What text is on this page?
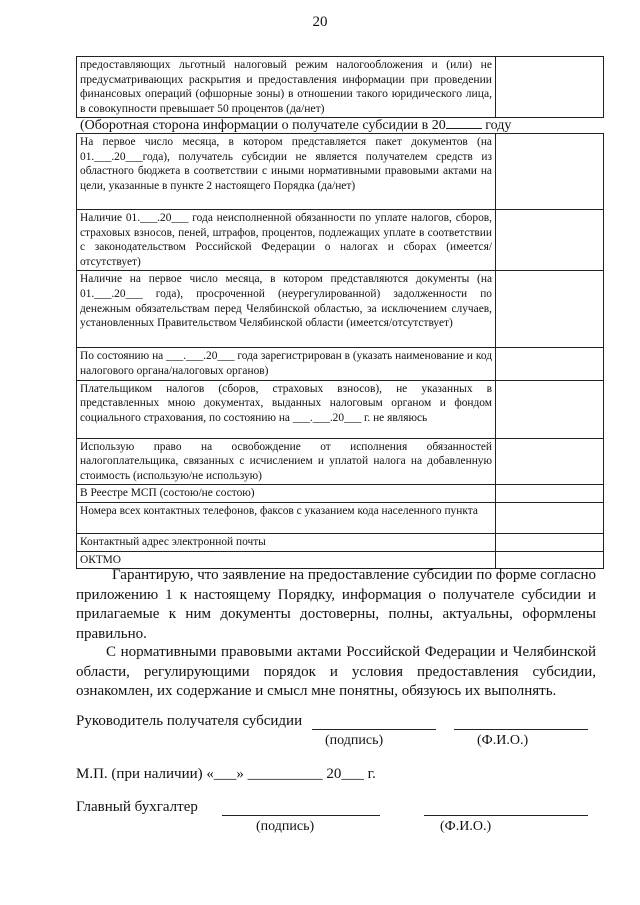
20
предоставляющих льготный налоговый режим налогообложения и (или) не предусматривающих раскрытия и предоставления информации при проведении финансовых операций (офшорные зоны) в отношении такого юридического лица, в совокупности превышает 50 процентов (да/нет)	
(Оборотная сторона информации о получателе субсидии в 20	году
На первое число месяца, в котором представляется пакет документов (на 01.___.20___года), получатель субсидии не является получателем средств из областного бюджета в соответствии с иными нормативными правовыми актами на цели, указанные в пункте 2 настоящего Порядка (да/нет)	
Наличие 01.___.20___ года неисполненной обязанности по уплате налогов, сборов, страховых взносов, пеней, штрафов, процентов, подлежащих уплате в соответствии с законодательством Российской Федерации о налогах и сборах (имеется/отсутствует)	
Наличие на первое число месяца, в котором представляются документы (на 01.___.20___ года), просроченной (неурегулированной) задолженности по денежным обязательствам перед Челябинской областью, за исключением случаев, установленных Правительством Челябинской области (имеется/отсутствует)	
По состоянию на ___.___.20___ года зарегистрирован в (указать наименование и код налогового органа/налоговых органов)	
Плательщиком налогов (сборов, страховых взносов), не указанных в представленных мною документах, выданных налоговым органом и фондом социального страхования, по состоянию на ___.___.20___ г. не являюсь	
Использую право на освобождение от исполнения обязанностей налогоплательщика, связанных с исчислением и уплатой налога на добавленную стоимость (использую/не использую)	
В Реестре МСП (состою/не состою)	
Номера всех контактных телефонов, факсов с указанием кода населенного пункта	
Контактный адрес электронной почты	
ОКТМО	
Гарантирую, что заявление на предоставление субсидии по форме согласно приложению 1 к настоящему Порядку, информация о получателе субсидии и прилагаемые к ним документы достоверны, полны, актуальны, оформлены правильно.
С нормативными правовыми актами Российской Федерации и Челябинской области, регулирующими порядок и условия предоставления субсидии, ознакомлен, их содержание и смысл мне понятны, обязуюсь их выполнять.
Руководитель получателя субсидии
(подпись)	(Ф.И.О.)
М.П. (при наличии) «___» __________ 20___ г.
Главный бухгалтер
(подпись)	(Ф.И.О.)
